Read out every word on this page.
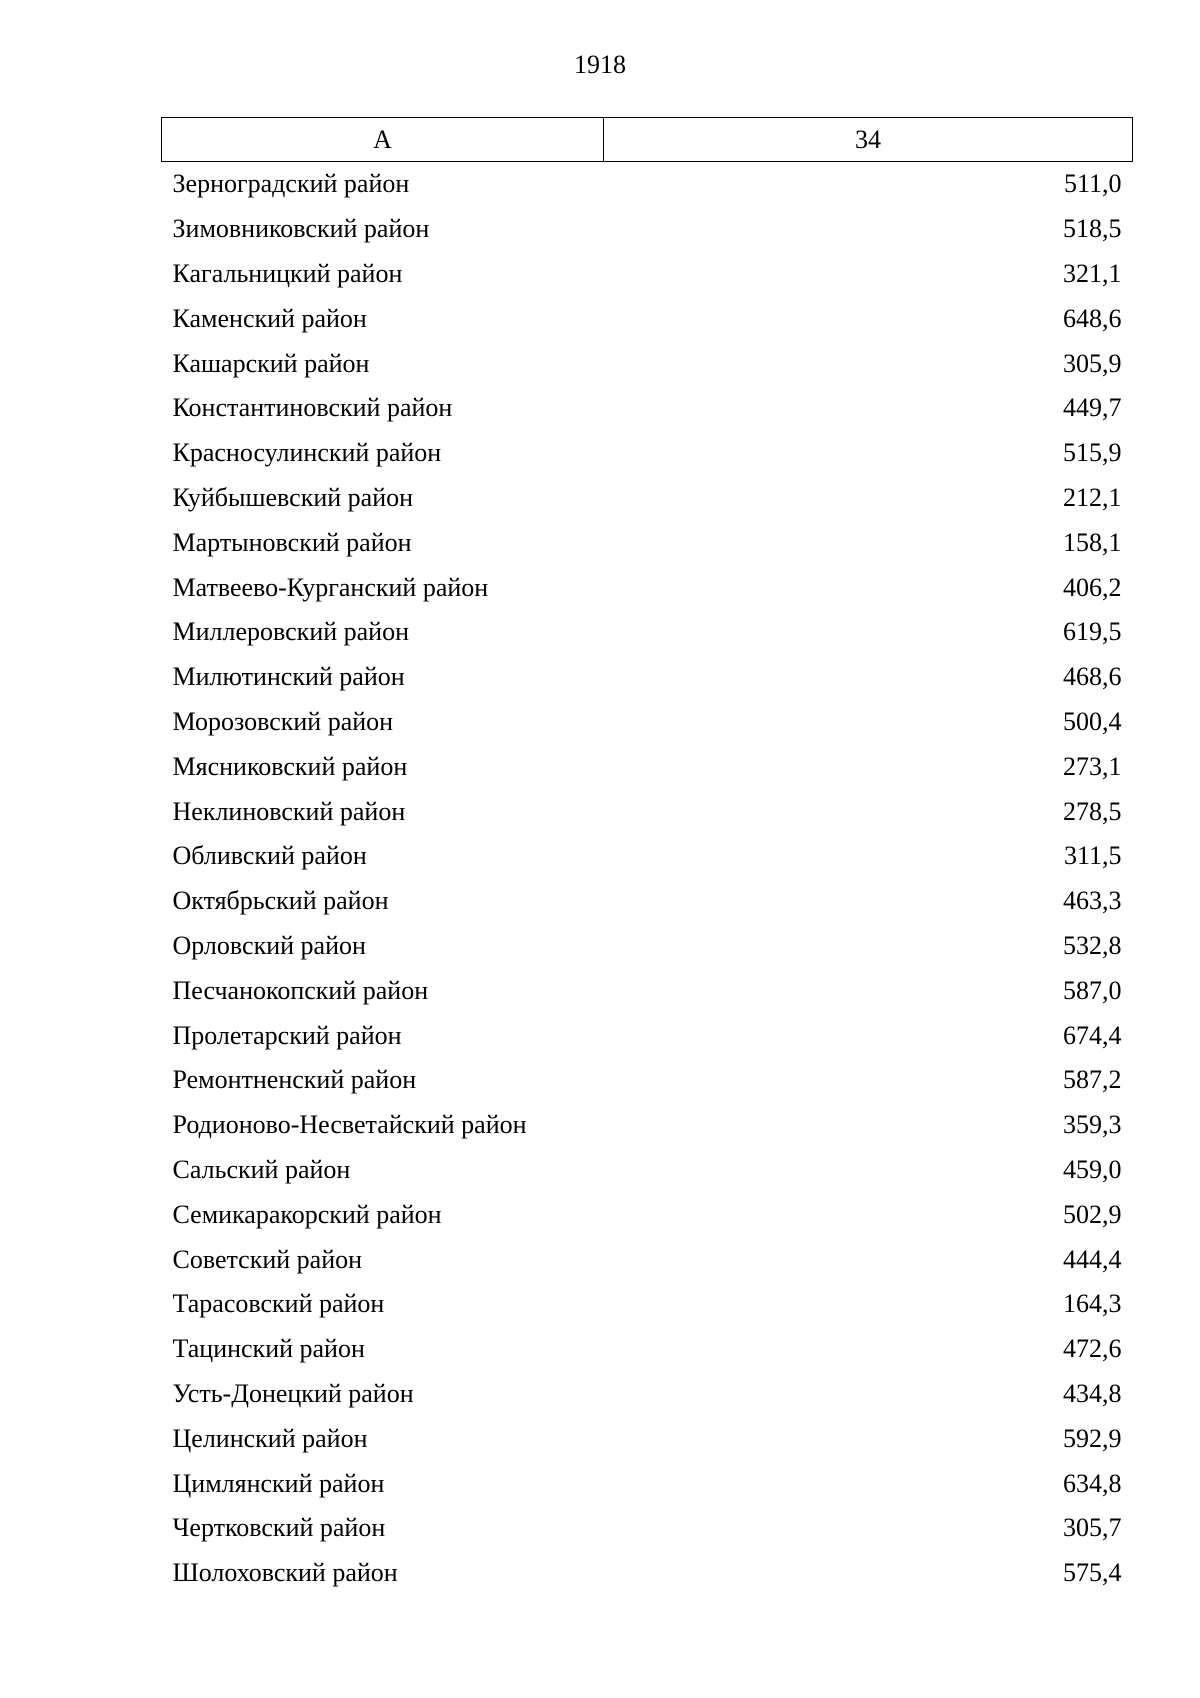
1918
А	34
Зерноградский район	511,0
Зимовниковский район	518,5
Кагальницкий район	321,1
Каменский район	648,6
Кашарский район	305,9
Константиновский район	449,7
Красносулинский район	515,9
Куйбышевский район	212,1
Мартыновский район	158,1
Матвеево-Курганский район	406,2
Миллеровский район	619,5
Милютинский район	468,6
Морозовский район	500,4
Мясниковский район	273,1
Неклиновский район	278,5
Обливский район	311,5
Октябрьский район	463,3
Орловский район	532,8
Песчанокопский район	587,0
Пролетарский район	674,4
Ремонтненский район	587,2
Родионово-Несветайский район	359,3
Сальский район	459,0
Семикаракорский район	502,9
Советский район	444,4
Тарасовский район	164,3
Тацинский район	472,6
Усть-Донецкий район	434,8
Целинский район	592,9
Цимлянский район	634,8
Чертковский район	305,7
Шолоховский район	575,4
